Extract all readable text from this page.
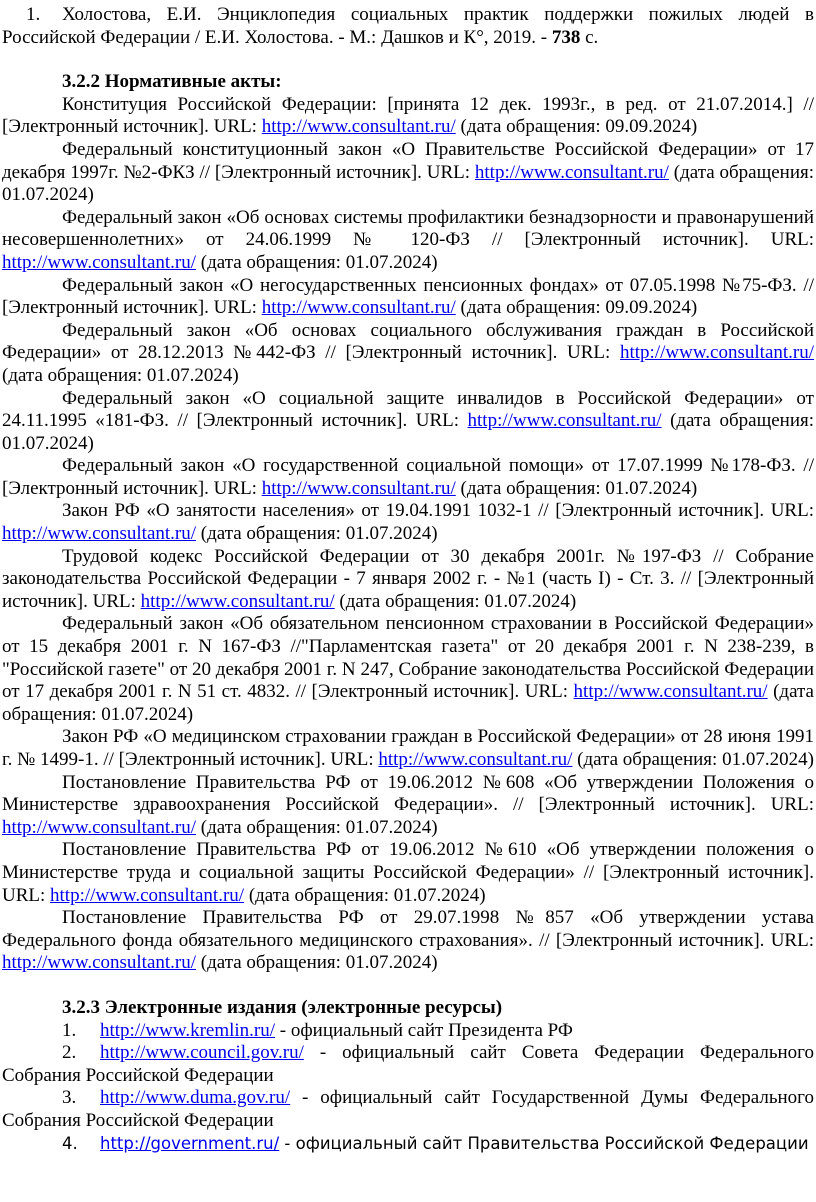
1. Холостова, Е.И. Энциклопедия социальных практик поддержки пожилых людей в Российской Федерации / Е.И. Холостова. - М.: Дашков и К°, 2019. - 738 с.

3.2.2 Нормативные акты:

Конституция Российской Федерации: [принята 12 дек. 1993г., в ред. от 21.07.2014.] // [Электронный источник]. URL: http://www.consultant.ru/ (дата обращения: 09.09.2024)

Федеральный конституционный закон «О Правительстве Российской Федерации» от 17 декабря 1997г. №2-ФКЗ // [Электронный источник]. URL: http://www.consultant.ru/ (дата обращения: 01.07.2024)

Федеральный закон «Об основах системы профилактики безнадзорности и правонарушений несовершеннолетних» от 24.06.1999 № 120-ФЗ // [Электронный источник]. URL: http://www.consultant.ru/ (дата обращения: 01.07.2024)

Федеральный закон «О негосударственных пенсионных фондах» от 07.05.1998 №75-ФЗ. // [Электронный источник]. URL: http://www.consultant.ru/ (дата обращения: 09.09.2024)

Федеральный закон «Об основах социального обслуживания граждан в Российской Федерации» от 28.12.2013 №442-ФЗ // [Электронный источник]. URL: http://www.consultant.ru/ (дата обращения: 01.07.2024)

Федеральный закон «О социальной защите инвалидов в Российской Федерации» от 24.11.1995 «181-ФЗ. // [Электронный источник]. URL: http://www.consultant.ru/ (дата обращения: 01.07.2024)

Федеральный закон «О государственной социальной помощи» от 17.07.1999 №178-ФЗ. // [Электронный источник]. URL: http://www.consultant.ru/ (дата обращения: 01.07.2024)

Закон РФ «О занятости населения» от 19.04.1991 1032-1 // [Электронный источник]. URL: http://www.consultant.ru/ (дата обращения: 01.07.2024)

Трудовой кодекс Российской Федерации от 30 декабря 2001г. №197-ФЗ // Собрание законодательства Российской Федерации - 7 января 2002 г. - №1 (часть I) - Ст. 3. // [Электронный источник]. URL: http://www.consultant.ru/ (дата обращения: 01.07.2024)

Федеральный закон «Об обязательном пенсионном страховании в Российской Федерации» от 15 декабря 2001 г. N 167-ФЗ //"Парламентская газета" от 20 декабря 2001 г. N 238-239, в "Российской газете" от 20 декабря 2001 г. N 247, Собрание законодательства Российской Федерации от 17 декабря 2001 г. N 51 ст. 4832. // [Электронный источник]. URL: http://www.consultant.ru/ (дата обращения: 01.07.2024)

Закон РФ «О медицинском страховании граждан в Российской Федерации» от 28 июня 1991 г. № 1499-1. // [Электронный источник]. URL: http://www.consultant.ru/ (дата обращения: 01.07.2024)

Постановление Правительства РФ от 19.06.2012 №608 «Об утверждении Положения о Министерстве здравоохранения Российской Федерации». // [Электронный источник]. URL: http://www.consultant.ru/ (дата обращения: 01.07.2024)

Постановление Правительства РФ от 19.06.2012 №610 «Об утверждении положения о Министерстве труда и социальной защиты Российской Федерации» // [Электронный источник]. URL: http://www.consultant.ru/ (дата обращения: 01.07.2024)

Постановление Правительства РФ от 29.07.1998 №857 «Об утверждении устава Федерального фонда обязательного медицинского страхования». // [Электронный источник]. URL: http://www.consultant.ru/ (дата обращения: 01.07.2024)

3.2.3 Электронные издания (электронные ресурсы)

1. http://www.kremlin.ru/ - официальный сайт Президента РФ

2. http://www.council.gov.ru/ - официальный сайт Совета Федерации Федерального Собрания Российской Федерации

3. http://www.duma.gov.ru/ - официальный сайт Государственной Думы Федерального Собрания Российской Федерации

4. http://government.ru/ - официальный сайт Правительства Российской Федерации
